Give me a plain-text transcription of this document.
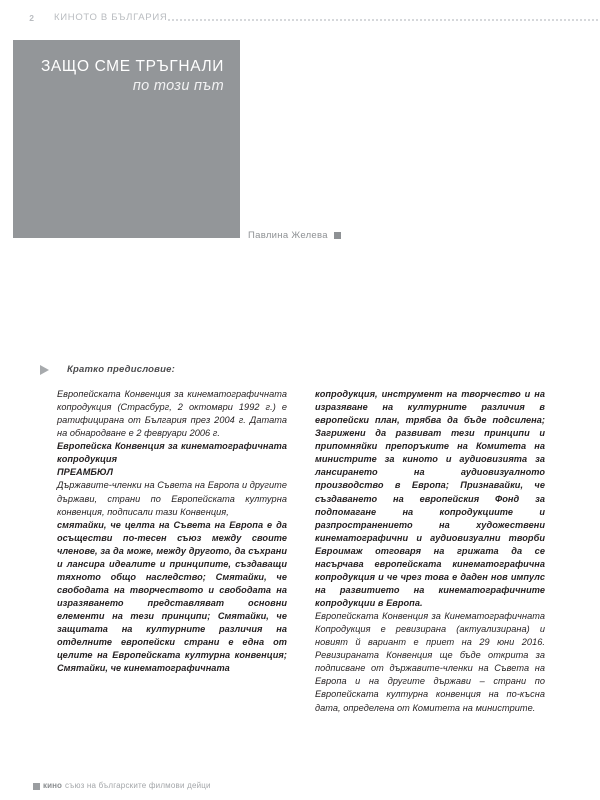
2 КИНОТО В БЪЛГАРИЯ
ЗАЩО СМЕ ТРЪГНАЛИ
по този път
Павлина Желева
Кратко предисловие:

Европейската Конвенция за кинематографичната копродукция (Страсбург, 2 октомври 1992 г.) е ратифицирана от България през 2004 г. Датата на обнародване е 2 февруари 2006 г.

Европейска Конвенция за кинематографичната копродукция

ПРЕАМБЮЛ

Държавите-членки на Съвета на Европа и другите държави, страни по Европейската културна конвенция, подписали тази Конвенция,

смятайки, че целта на Съвета на Европа е да осъществи по-тесен съюз между своите членове, за да може, между другото, да съхрани и лансира идеалите и принципите, създаващи тяхното общо наследство; Смятайки, че свободата на творчеството и свободата на изразяването представляват основни елементи на тези принципи; Смятайки, че защитата на културните различия на отделните европейски страни е една от целите на Европейската културна конвенция; Смятайки, че кинематографичната

копродукция, инструмент на творчество и на изразяване на културните различия в европейски план, трябва да бъде подсилена; Загрижени да развиват тези принципи и припомняйки препоръките на Комитета на министрите за киното и аудиовизията за лансирането на аудиовизуалното производство в Европа; Признавайки, че създаването на европейския Фонд за подпомагане на копродукциите и разпространението на художествени кинематографични и аудиовизуални творби Евроимаж отговаря на грижата да се насърчава европейската кинематографична копродукция и че чрез това е даден нов импулс на развитието на кинематографичните копродукции в Европа.

Европейската Конвенция за Кинематографичната Копродукция е ревизирана (актуализирана) и новият й вариант е приет на 29 юни 2016. Ревизираната Конвенция ще бъде открита за подписване от държавите-членки на Съвета на Европа и на другите държави – страни по Европейската културна конвенция на по-късна дата, определена от Комитета на министрите.

кино съюз на българските филмови дейци
